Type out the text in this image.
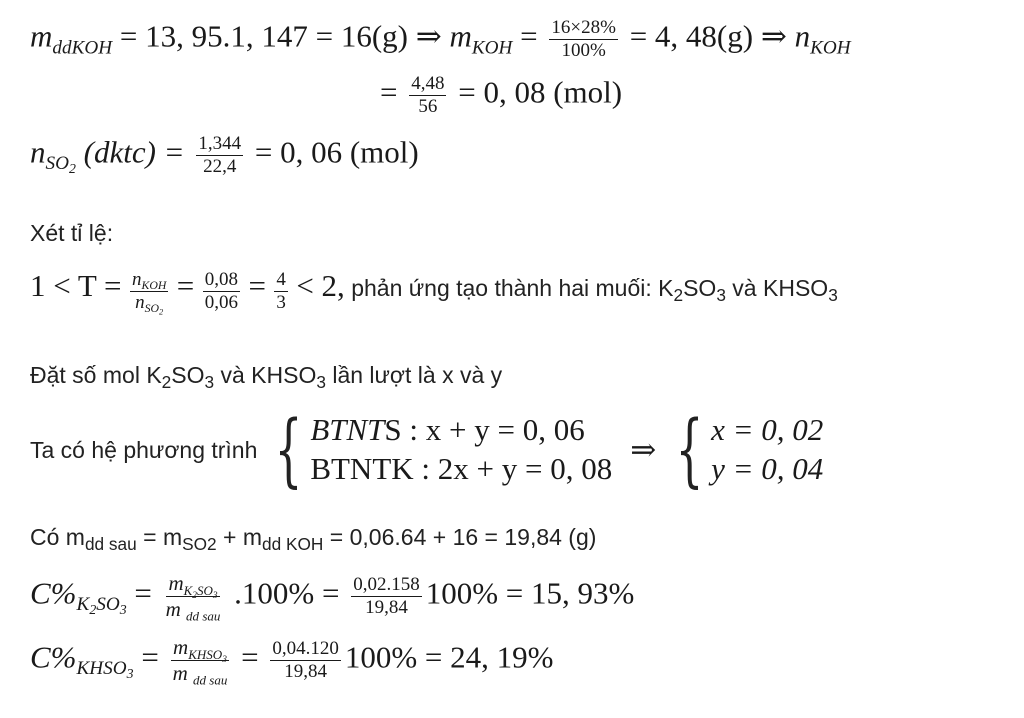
$m_{ddKOH} = 13$, 95.1, 147 = 16(g) ⇒ $m_{KOH} = \frac{16\times 28\%}{100\%} = 4$, 48(g) ⇒ $n_{KOH}$
= $\frac{4,48}{56} = 0$, 08 (mol)
$n_{SO_2}$ (dktc) = $\frac{1,344}{22,4} = 0$, 06 (mol)
Xét tỉ lệ:
$1 < T = \frac{n_{KOH}}{n_{SO_2}} = \frac{0,08}{0,06} = \frac{4}{3} < 2$, phản ứng tạo thành hai muối: $K_2SO_3$ và $KHSO_3$
Đặt số mol $K_2SO_3$ và $KHSO_3$ lần lượt là x và y
Ta có hệ phương trình { BTNTS : x + y = 0, 06
BTNTK : 2x + y = 0, 08
⇒ { x = 0, 02
y = 0, 04
Có $m_{dd sau} = m_{SO2} + m_{dd KOH} = 0,06.64 + 16 = 19,84$ (g)
$C\%_{K_2SO_3} = \frac{m_{K_2SO_3}}{m _{dd sau}} .100\% = \frac{0,02.158}{19,84} 100\% = 15$, 93%
$C\%_{KHSO_3} = \frac{m_{KHSO_3}}{m _{dd sau}} = \frac{0,04.120}{19,84} 100\% = 24$, 19%
